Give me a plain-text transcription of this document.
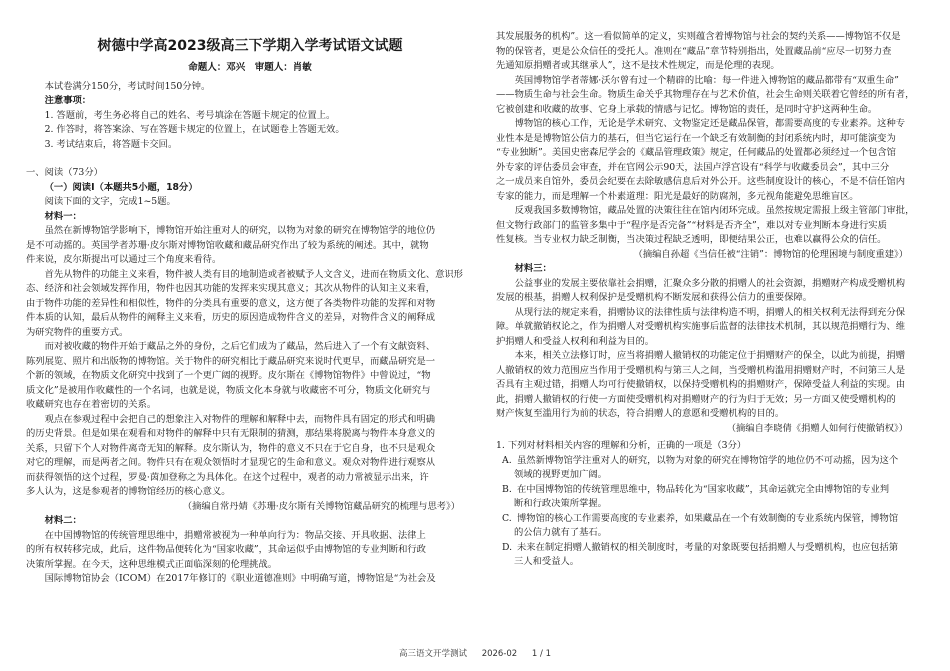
树德中学高2023级高三下学期入学考试语文试题
命题人：邓兴　审题人：肖敏
本试卷满分150分，考试时间150分钟。
注意事项：
1. 答题前，考生务必将自己的姓名、考号填涂在答题卡规定的位置上。
2. 作答时，将答案涂、写在答题卡规定的位置上，在试题卷上答题无效。
3. 考试结束后，将答题卡交回。
一、阅读（73分）
（一）阅读Ⅰ（本题共5小题，18分）
阅读下面的文字，完成1~5题。
材料一：
虽然在新博物馆学影响下，博物馆开始注重对人的研究，以物为对象的研究在博物馆学的地位仍
是不可动摇的。英国学者苏珊·皮尔斯对博物馆收藏和藏品研究作出了较为系统的阐述。其中，就物
件来说，皮尔斯提出可以通过三个角度来看待。
首先从物件的功能主义来看，物件被人类有目的地制造或者被赋予人文含义，进而在物质文化、意识形
态、经济和社会领域发挥作用，物件也因其功能的发挥来实现其意义；其次从物件的认知主义来看，
由于物件功能的差异性和相似性，物件的分类具有重要的意义，这方便了各类物件功能的发挥和对物
件本质的认知，最后从物件的阐释主义来看，历史的原因造成物件含义的差异，对物件含义的阐释成
为研究物件的重要方式。
而对被收藏的物件开始于藏品之外的身份，之后它们成为了藏品，然后进入了一个有文献资料、
陈列展览、照片和出版物的博物馆。关于物件的研究相比于藏品研究来说时代更早，而藏品研究是一
个新的领域，在物质文化研究中找到了一个更广阔的视野。皮尔斯在《博物馆物件》中曾说过，“物
质文化”是被用作收藏性的一个名词，也就是说，物质文化本身就与收藏密不可分，物质文化研究与
收藏研究也存在着密切的关系。
观点在参观过程中会把自己的想象注入对物件的理解和解释中去，而物件具有固定的形式和明确
的历史背景。但是如果在观看和对物件的解释中只有无限制的猜测，那结果将脱离与物件本身意义的
关系，只留下个人对物件离奇无知的解释。皮尔斯认为，物件的意义不只在于它自身，也不只是观众
对它的理解，而是两者之间。物件只有在观众领悟时才显现它的生命和意义。观众对物件进行观察从
而获得领悟的这个过程，罗曼·茵加登称之为具体化。在这个过程中，观者的动力常被显示出来，许
多人认为，这是参观者的博物馆经历的核心意义。
（摘编自常丹婧《苏珊·皮尔斯有关博物馆藏品研究的梳理与思考》）
材料二：
在中国博物馆的传统管理思维中，捐赠常被视为一种单向行为：物品交接、开具收据、法律上
的所有权转移完成，此后，这件物品便转化为“国家收藏”，其命运似乎由博物馆的专业判断和行政
决策所掌握。在今天，这种思维模式正面临深刻的伦理挑战。
国际博物馆协会（ICOM）在2017年修订的《职业道德准则》中明确写道，博物馆是“为社会及
其发展服务的机构”。这一看似简单的定义，实则蕴含着博物馆与社会的契约关系——博物馆不仅是
物的保管者，更是公众信任的受托人。准则在“藏品”章节特别指出，处置藏品前“应尽一切努力查
先通知原捐赠者或其继承人”，这不是技术性规定，而是伦理的表现。
英国博物馆学者蒂娜·沃尔曾有过一个精辟的比喻：每一件进入博物馆的藏品都带有“双重生命”
——物质生命与社会生命。物质生命关乎其物理存在与艺术价值，社会生命则关联着它曾经的所有者，
它被创建和收藏的故事、它身上承载的情感与记忆。博物馆的责任，是同时守护这两种生命。
博物馆的核心工作，无论是学术研究、文物鉴定还是藏品保管，都需要高度的专业素养。这种专
业性本是是博物馆公信力的基石，但当它运行在一个缺乏有效制衡的封闭系统内时，却可能演变为
“专业独断”。美国史密森尼学会的《藏品管理政策》规定，任何藏品的处置都必须经过一个包含馆
外专家的评估委员会审查，并在官网公示90天，法国卢浮宫设有“科学与收藏委员会”，其中三分
之一成员来自馆外，委员会纪要在去除敏感信息后对外公开。这些制度设计的核心，不是不信任馆内
专家的能力，而是理解一个朴素道理：阳光是最好的防腐剂，多元视角能避免思维盲区。
反观我国多数博物馆，藏品处置的决策往往在馆内闭环完成。虽然按规定需报上级主管部门审批，
但文物行政部门的监管多集中于“程序是否完备”“材料是否齐全”，难以对专业判断本身进行实质
性复核。当专业权力缺乏制衡，当决策过程缺乏透明，即便结果公正，也难以赢得公众的信任。
（摘编自孙超《当信任被“注销”：博物馆的伦理困境与制度重建》）
材料三：
公益事业的发展主要依靠社会捐赠，汇聚众多分散的捐赠人的社会资源，捐赠财产构成受赠机构
发展的根基，捐赠人权利保护是受赠机构不断发展和获得公信力的重要保障。
从现行法的规定来看，捐赠协议的法律性质与法律构造不明，捐赠人的相关权利无法得到充分保
障。单就撤销权论之，作为捐赠人对受赠机构实施事后监督的法律技术机制，其以规范捐赠行为、维
护捐赠人和受益人权利和利益为目的。
本来，相关立法修订时，应当将捐赠人撤销权的功能定位于捐赠财产的保全，以此为前提，捐赠
人撤销权的效力范围应当作用于受赠机构与第三人之间，当受赠机构滥用捐赠财产时，不问第三人是
否具有主观过错，捐赠人均可行使撤销权，以保持受赠机构的捐赠财产，保障受益人利益的实现。由
此，捐赠人撤销权的行使一方面使受赠机构对捐赠财产的行为归于无效；另一方面又使受赠机构的
财产恢复至滥用行为前的状态，符合捐赠人的意愿和受赠机构的目的。
（摘编自李晓倩《捐赠人如何行使撤销权》）
1. 下列对材料相关内容的理解和分析，正确的一项是（3分）
A. 虽然新博物馆学注重对人的研究，以物为对象的研究在博物馆学的地位仍不可动摇，因为这个
领域的视野更加广阔。
B. 在中国博物馆的传统管理思维中，物品转化为“国家收藏”，其命运就完全由博物馆的专业判
断和行政决策所掌握。
C. 博物馆的核心工作需要高度的专业素养，如果藏品在一个有效制衡的专业系统内保管，博物馆
的公信力就有了基石。
D. 未来在制定捐赠人撤销权的相关制度时，考量的对象既要包括捐赠人与受赠机构，也应包括第
三人和受益人。
高三语文开学测试 2026-02 1 / 1
